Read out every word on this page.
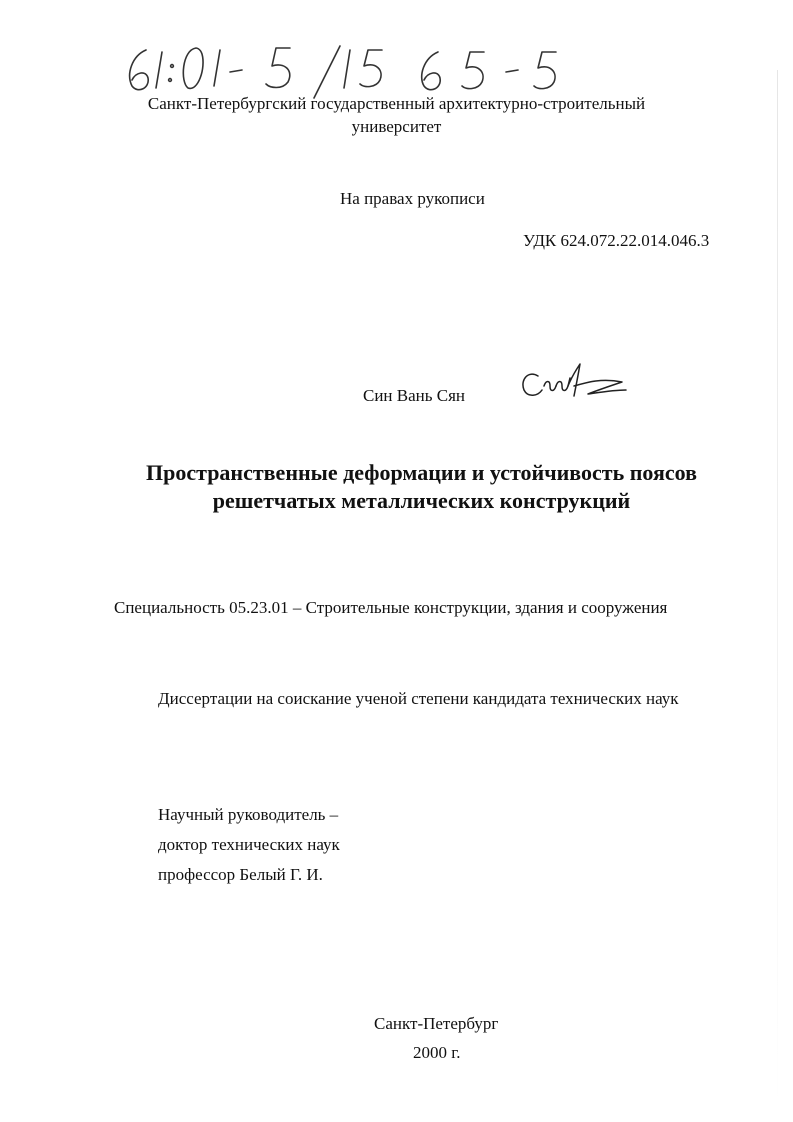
Санкт-Петербургский государственный архитектурно-строительный
университет
На правах рукописи
УДК 624.072.22.014.046.3
Син Вань Сян
Пространственные деформации и устойчивость поясов
решетчатых металлических конструкций
Специальность 05.23.01 – Строительные конструкции, здания и сооружения
Диссертации на соискание ученой степени кандидата технических наук
Научный руководитель –
доктор технических наук
профессор Белый Г. И.
Санкт-Петербург
2000 г.
